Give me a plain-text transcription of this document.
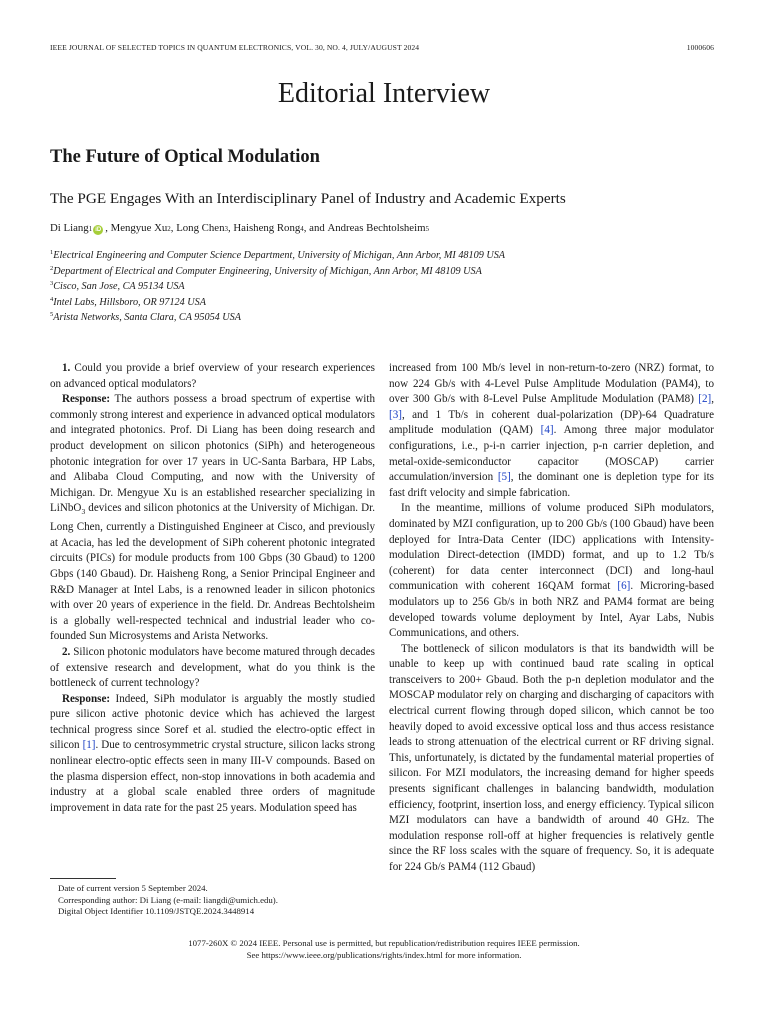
IEEE JOURNAL OF SELECTED TOPICS IN QUANTUM ELECTRONICS, VOL. 30, NO. 4, JULY/AUGUST 2024	1000606
Editorial Interview
The Future of Optical Modulation
The PGE Engages With an Interdisciplinary Panel of Industry and Academic Experts
Di Liang 1 iD , Mengyue Xu 2 , Long Chen 3 , Haisheng Rong 4 , and Andreas Bechtolsheim 5
$^1$Electrical Engineering and Computer Science Department, University of Michigan, Ann Arbor, MI 48109 USA
$^2$Department of Electrical and Computer Engineering, University of Michigan, Ann Arbor, MI 48109 USA
$^3$Cisco, San Jose, CA 95134 USA
$^4$Intel Labs, Hillsboro, OR 97124 USA
$^5$Arista Networks, Santa Clara, CA 95054 USA

1. Could you provide a brief overview of your research experiences on advanced optical modulators?

Response: The authors possess a broad spectrum of expertise with commonly strong interest and experience in advanced optical modulators and integrated photonics. Prof. Di Liang has been doing research and product development on silicon photonics (SiPh) and heterogeneous photonic integration for over 17 years in UC-Santa Barbara, HP Labs, and Alibaba Cloud Computing, and now with the University of Michigan. Dr. Mengyue Xu is an established researcher specializing in LiNbO$_3$ devices and silicon photonics at the University of Michigan. Dr. Long Chen, currently a Distinguished Engineer at Cisco, and previously at Acacia, has led the development of SiPh coherent photonic integrated circuits (PICs) for module products from 100 Gbps (30 Gbaud) to 1200 Gbps (140 Gbaud). Dr. Haisheng Rong, a Senior Principal Engineer and R&D Manager at Intel Labs, is a renowned leader in silicon photonics with over 20 years of experience in the field. Dr. Andreas Bechtolsheim is a globally well-respected technical and industrial leader who co-founded Sun Microsystems and Arista Networks.

2. Silicon photonic modulators have become matured through decades of extensive research and development, what do you think is the bottleneck of current technology?

Response: Indeed, SiPh modulator is arguably the mostly studied pure silicon active photonic device which has achieved the largest technical progress since Soref et al. studied the electro-optic effect in silicon [1]. Due to centrosymmetric crystal structure, silicon lacks strong nonlinear electro-optic effects seen in many III-V compounds. Based on the plasma dispersion effect, non-stop innovations in both academia and industry at a global scale enabled three orders of magnitude improvement in data rate for the past 25 years. Modulation speed has

increased from 100 Mb/s level in non-return-to-zero (NRZ) format, to now 224 Gb/s with 4-Level Pulse Amplitude Modulation (PAM4), to over 300 Gb/s with 8-Level Pulse Amplitude Modulation (PAM8) [2], [3], and 1 Tb/s in coherent dual-polarization (DP)-64 Quadrature amplitude modulation (QAM) [4]. Among three major modulator configurations, i.e., p-i-n carrier injection, p-n carrier depletion, and metal-oxide-semiconductor capacitor (MOSCAP) carrier accumulation/inversion [5], the dominant one is depletion type for its fast drift velocity and simple fabrication.

In the meantime, millions of volume produced SiPh modulators, dominated by MZI configuration, up to 200 Gb/s (100 Gbaud) have been deployed for Intra-Data Center (IDC) applications with Intensity-modulation Direct-detection (IMDD) format, and up to 1.2 Tb/s (coherent) for data center interconnect (DCI) and long-haul communication with coherent 16QAM format [6]. Microring-based modulators up to 256 Gb/s in both NRZ and PAM4 format are being developed towards volume deployment by Intel, Ayar Labs, Nubis Communications, and others.

The bottleneck of silicon modulators is that its bandwidth will be unable to keep up with continued baud rate scaling in optical transceivers to 200+ Gbaud. Both the p-n depletion modulator and the MOSCAP modulator rely on charging and discharging of capacitors with electrical current flowing through doped silicon, which cannot be too heavily doped to avoid excessive optical loss and thus access resistance leads to strong attenuation of the electrical current or RF driving signal. This, unfortunately, is dictated by the fundamental material properties of silicon. For MZI modulators, the increasing demand for higher speeds presents significant challenges in balancing bandwidth, modulation efficiency, footprint, insertion loss, and energy efficiency. Typical silicon MZI modulators can have a bandwidth of around 40 GHz. The modulation response roll-off at higher frequencies is relatively gentle since the RF loss scales with the square of frequency. So, it is adequate for 224 Gb/s PAM4 (112 Gbaud)

Date of current version 5 September 2024.
Corresponding author: Di Liang (e-mail: liangdi@umich.edu).
Digital Object Identifier 10.1109/JSTQE.2024.3448914
1077-260X © 2024 IEEE. Personal use is permitted, but republication/redistribution requires IEEE permission.
See https://www.ieee.org/publications/rights/index.html for more information.
